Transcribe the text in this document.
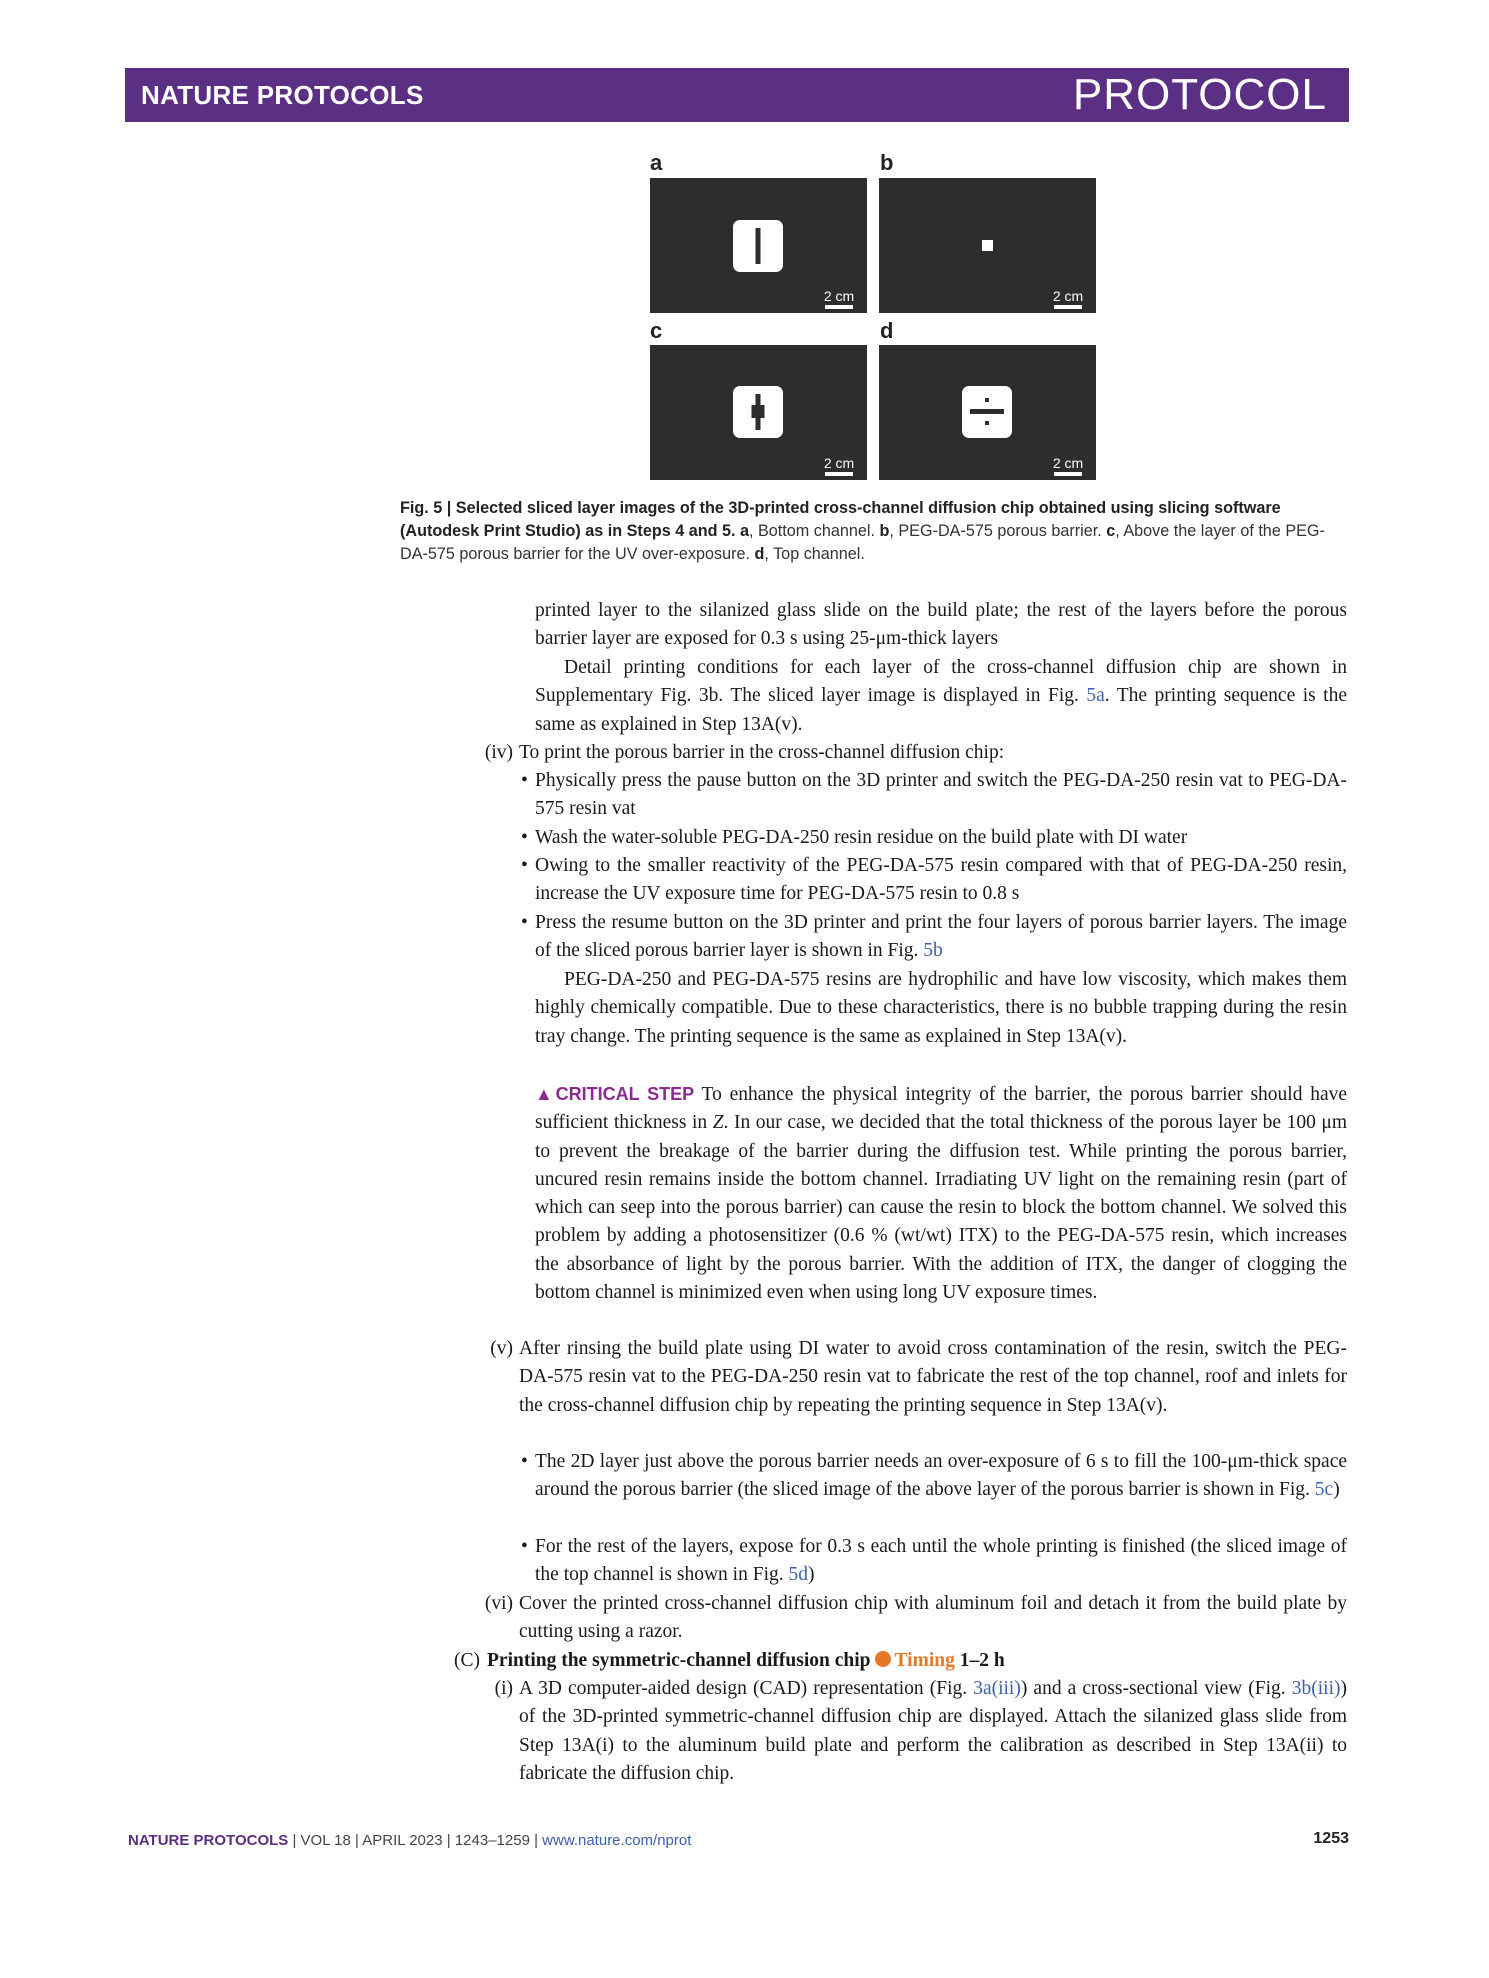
NATURE PROTOCOLS	PROTOCOL
a	b
c	d
2 cm	2 cm
2 cm	2 cm
Fig. 5 | Selected sliced layer images of the 3D-printed cross-channel diffusion chip obtained using slicing software (Autodesk Print Studio) as in Steps 4 and 5. a, Bottom channel. b, PEG-DA-575 porous barrier. c, Above the layer of the PEG-DA-575 porous barrier for the UV over-exposure. d, Top channel.
printed layer to the silanized glass slide on the build plate; the rest of the layers before the porous barrier layer are exposed for 0.3 s using 25-μm-thick layers
Detail printing conditions for each layer of the cross-channel diffusion chip are shown in Supplementary Fig. 3b. The sliced layer image is displayed in Fig. 5a. The printing sequence is the same as explained in Step 13A(v).
(iv) To print the porous barrier in the cross-channel diffusion chip:
• Physically press the pause button on the 3D printer and switch the PEG-DA-250 resin vat to PEG-DA-575 resin vat
• Wash the water-soluble PEG-DA-250 resin residue on the build plate with DI water
• Owing to the smaller reactivity of the PEG-DA-575 resin compared with that of PEG-DA-250 resin, increase the UV exposure time for PEG-DA-575 resin to 0.8 s
• Press the resume button on the 3D printer and print the four layers of porous barrier layers. The image of the sliced porous barrier layer is shown in Fig. 5b
PEG-DA-250 and PEG-DA-575 resins are hydrophilic and have low viscosity, which makes them highly chemically compatible. Due to these characteristics, there is no bubble trapping during the resin tray change. The printing sequence is the same as explained in Step 13A(v).
▲CRITICAL STEP To enhance the physical integrity of the barrier, the porous barrier should have sufficient thickness in Z. In our case, we decided that the total thickness of the porous layer be 100 μm to prevent the breakage of the barrier during the diffusion test. While printing the porous barrier, uncured resin remains inside the bottom channel. Irradiating UV light on the remaining resin (part of which can seep into the porous barrier) can cause the resin to block the bottom channel. We solved this problem by adding a photosensitizer (0.6 % (wt/wt) ITX) to the PEG-DA-575 resin, which increases the absorbance of light by the porous barrier. With the addition of ITX, the danger of clogging the bottom channel is minimized even when using long UV exposure times.
(v) After rinsing the build plate using DI water to avoid cross contamination of the resin, switch the PEG-DA-575 resin vat to the PEG-DA-250 resin vat to fabricate the rest of the top channel, roof and inlets for the cross-channel diffusion chip by repeating the printing sequence in Step 13A(v).
• The 2D layer just above the porous barrier needs an over-exposure of 6 s to fill the 100-μm-thick space around the porous barrier (the sliced image of the above layer of the porous barrier is shown in Fig. 5c)
• For the rest of the layers, expose for 0.3 s each until the whole printing is finished (the sliced image of the top channel is shown in Fig. 5d)
(vi) Cover the printed cross-channel diffusion chip with aluminum foil and detach it from the build plate by cutting using a razor.
(C) Printing the symmetric-channel diffusion chip Timing 1–2 h
(i) A 3D computer-aided design (CAD) representation (Fig. 3a(iii)) and a cross-sectional view (Fig. 3b(iii)) of the 3D-printed symmetric-channel diffusion chip are displayed. Attach the silanized glass slide from Step 13A(i) to the aluminum build plate and perform the calibration as described in Step 13A(ii) to fabricate the diffusion chip.
NATURE PROTOCOLS | VOL 18 | APRIL 2023 | 1243–1259 | www.nature.com/nprot	1253
